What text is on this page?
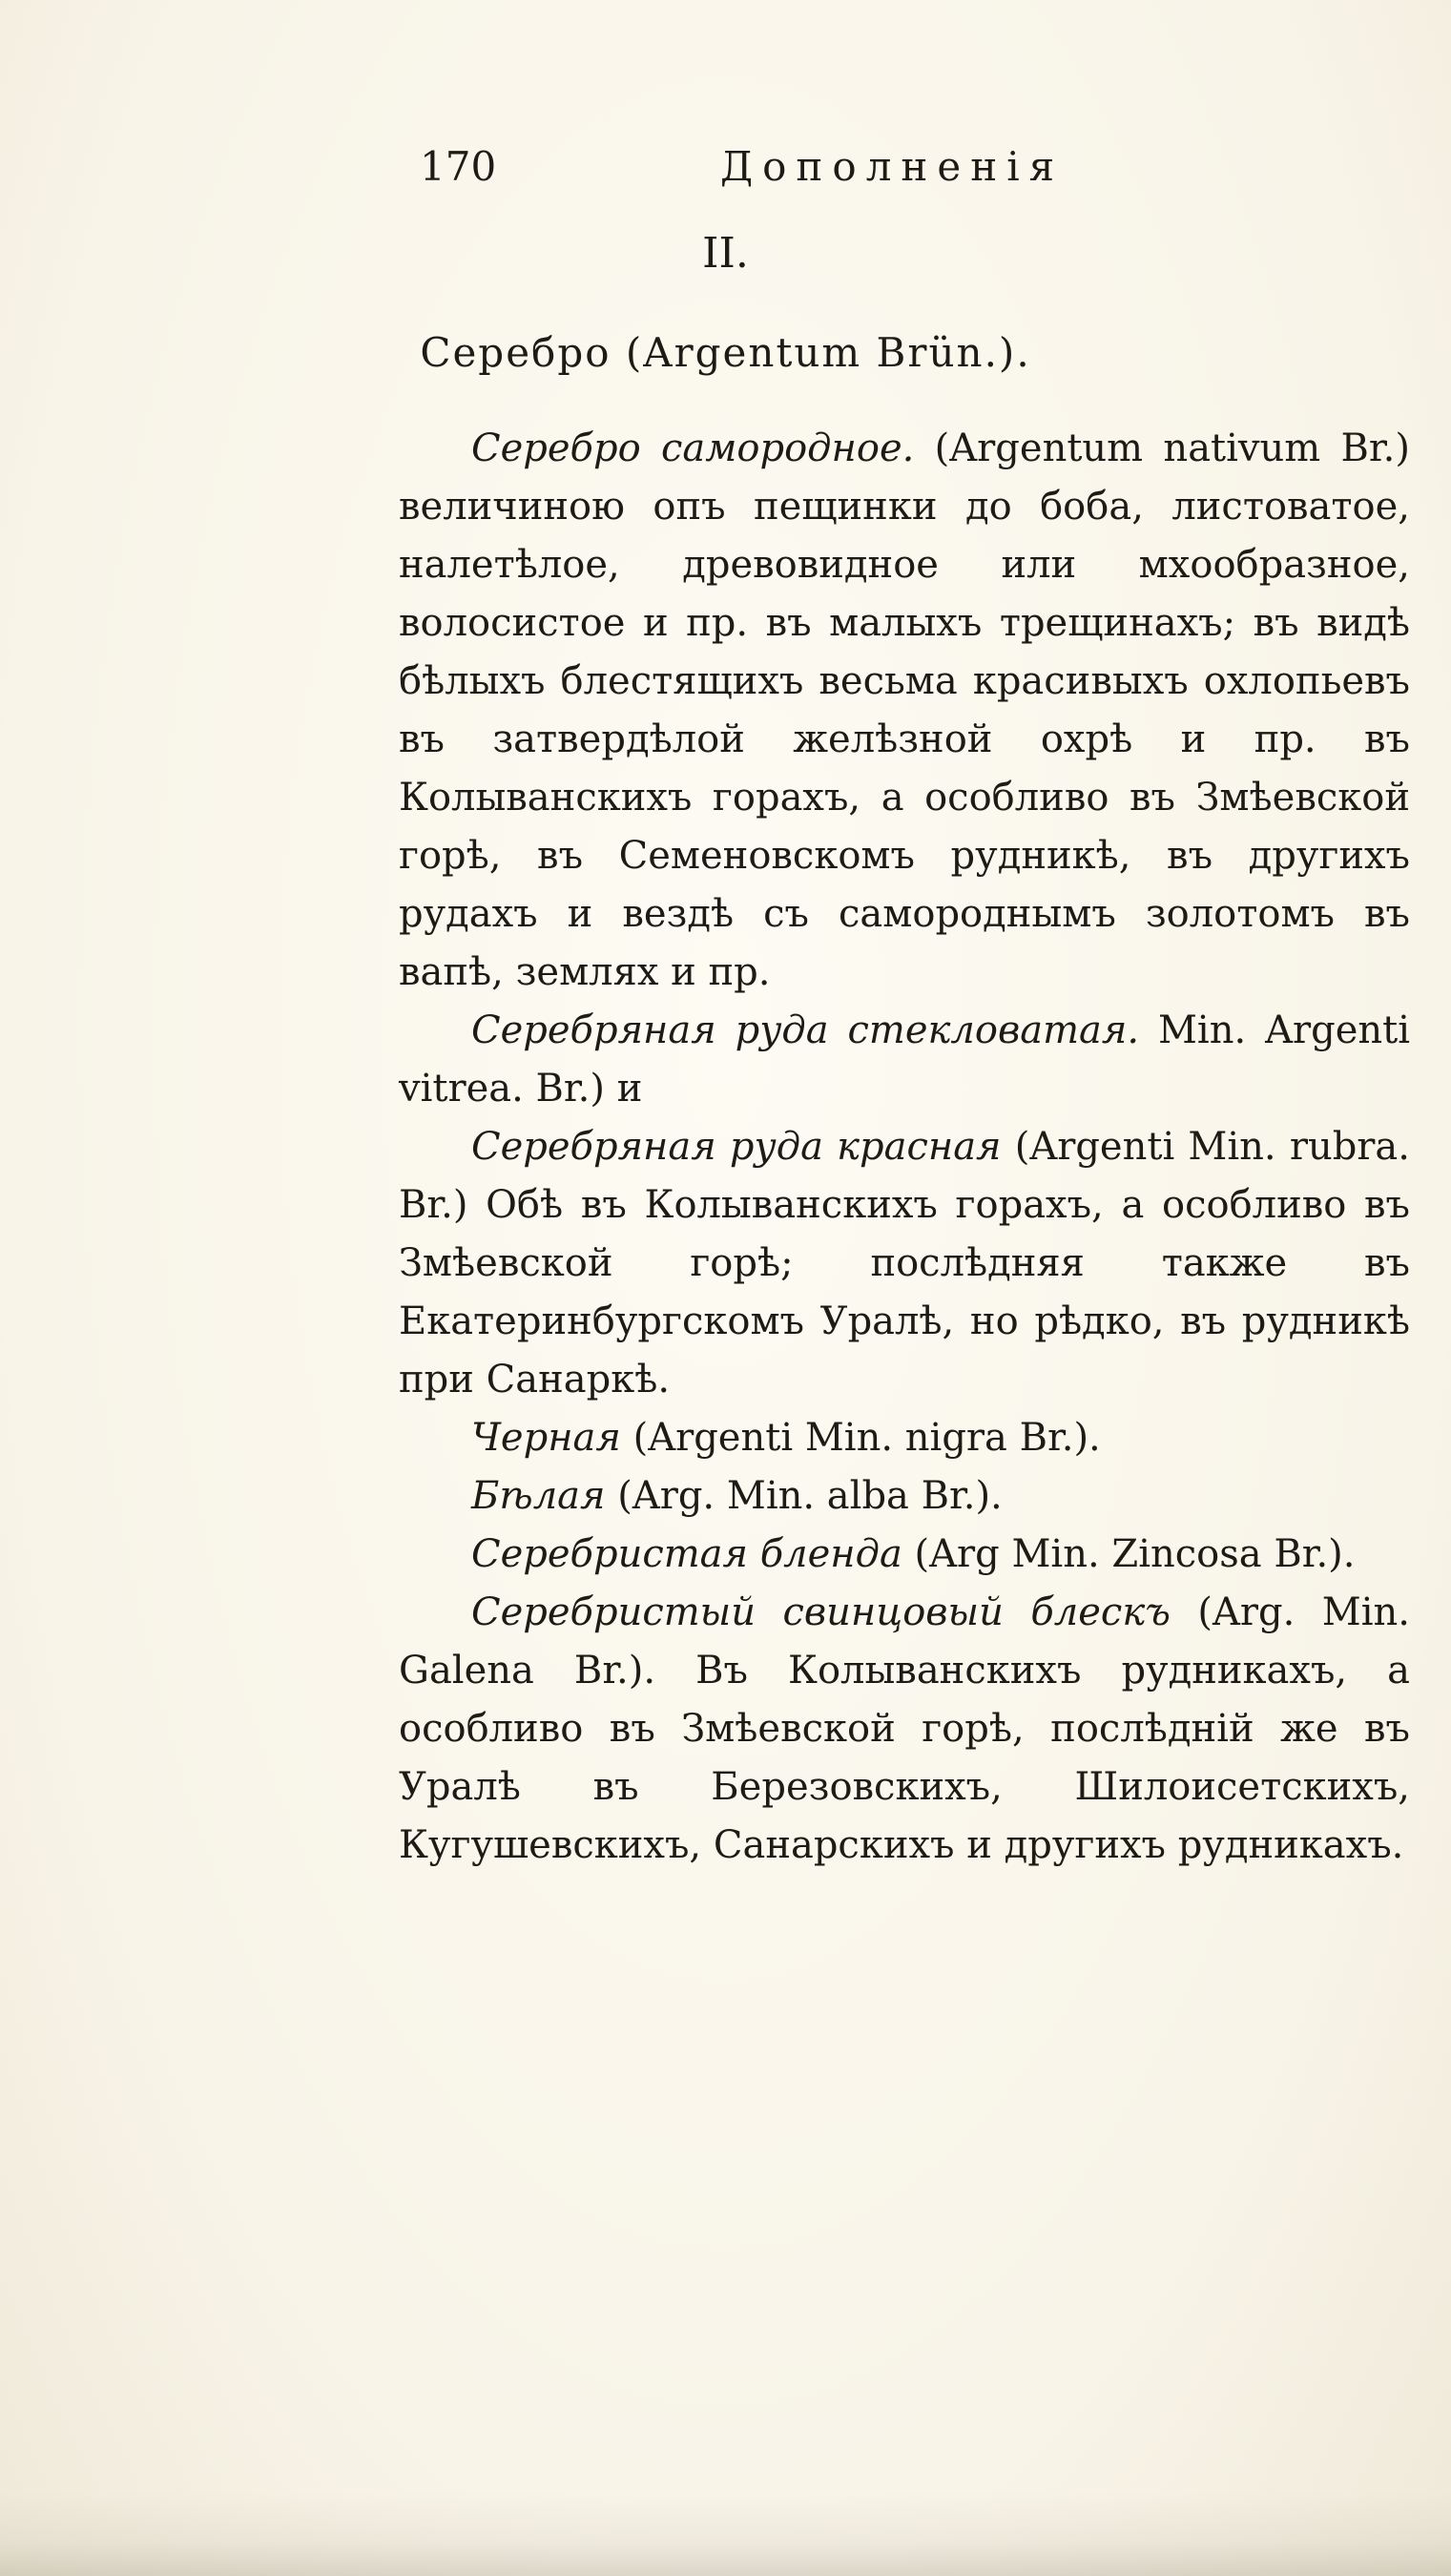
170	Дополненія
II.
Серебро (Argentum Brün.).

Серебро самородное. (Argentum nativum Br.) величиною опъ пещинки до боба, листоватое, налетѣлое, древовидное или мхообразное, волосистое и пр. въ малыхъ трещинахъ; въ видѣ бѣлыхъ блестящихъ весьма красивыхъ охлопьевъ въ затвердѣлой желѣзной охрѣ и пр. въ Колыванскихъ горахъ, а особливо въ Змѣевской горѣ, въ Семеновскомъ рудникѣ, въ другихъ рудахъ и вездѣ съ самороднымъ золотомъ въ вапѣ, землях и пр.

Серебряная руда стекловатая. Min. Argenti vitrea. Br.) и

Серебряная руда красная (Argenti Min. rubra. Br.) Обѣ въ Колыванскихъ горахъ, а особливо въ Змѣевской горѣ; послѣдняя также въ Екатеринбургскомъ Уралѣ, но рѣдко, въ рудникѣ при Санаркѣ.

Черная (Argenti Min. nigra Br.).

Бѣлая (Arg. Min. alba Br.).

Серебристая бленда (Arg Min. Zincosa Br.).

Серебристый свинцовый блескъ (Arg. Min. Galena Br.). Въ Колыванскихъ рудникахъ, а особливо въ Змѣевской горѣ, послѣдній же въ Уралѣ въ Березовскихъ, Шилоисетскихъ, Кугушевскихъ, Санарскихъ и другихъ рудникахъ.
